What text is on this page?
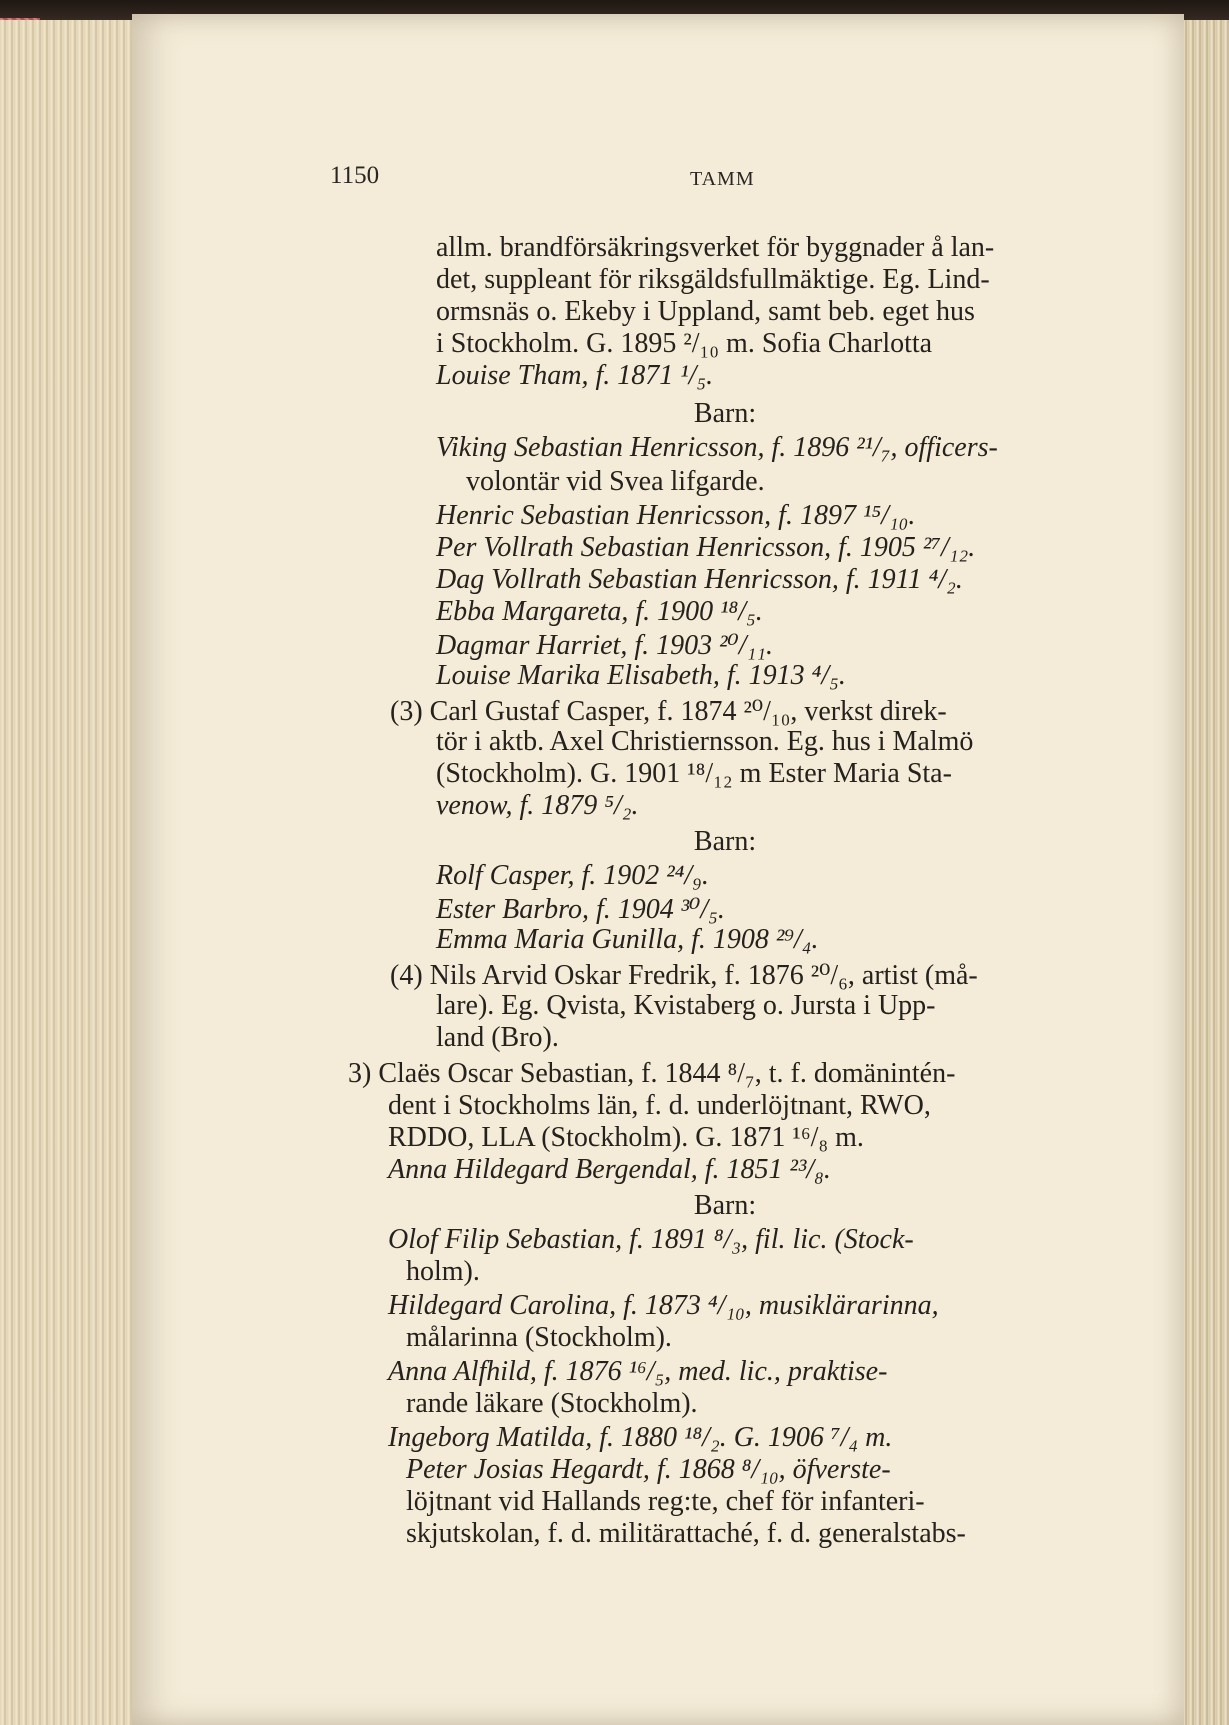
1150	TAMM
allm. brandförsäkringsverket för byggnader å lan-
det, suppleant för riksgäldsfullmäktige. Eg. Lind-
ormsnäs o. Ekeby i Uppland, samt beb. eget hus
i Stockholm. G. 1895 ²/₁₀ m. Sofia Charlotta
Louise Tham, f. 1871 ¹/₅.
Barn:
Viking Sebastian Henricsson, f. 1896 ²¹/₇, officers-
volontär vid Svea lifgarde.
Henric Sebastian Henricsson, f. 1897 ¹⁵/₁₀.
Per Vollrath Sebastian Henricsson, f. 1905 ²⁷/₁₂.
Dag Vollrath Sebastian Henricsson, f. 1911 ⁴/₂.
Ebba Margareta, f. 1900 ¹⁸/₅.
Dagmar Harriet, f. 1903 ²⁰/₁₁.
Louise Marika Elisabeth, f. 1913 ⁴/₅.
(3) Carl Gustaf Casper, f. 1874 ²⁰/₁₀, verkst direk-
tör i aktb. Axel Christiernsson. Eg. hus i Malmö
(Stockholm). G. 1901 ¹⁸/₁₂ m Ester Maria Sta-
venow, f. 1879 ⁵/₂.
Barn:
Rolf Casper, f. 1902 ²⁴/₉.
Ester Barbro, f. 1904 ³⁰/₅.
Emma Maria Gunilla, f. 1908 ²⁹/₄.
(4) Nils Arvid Oskar Fredrik, f. 1876 ²⁰/₆, artist (må-
lare). Eg. Qvista, Kvistaberg o. Jursta i Upp-
land (Bro).
3) Claës Oscar Sebastian, f. 1844 ⁸/₇, t. f. domänintén-
dent i Stockholms län, f. d. underlöjtnant, RWO,
RDDO, LLA (Stockholm). G. 1871 ¹⁶/₈ m.
Anna Hildegard Bergendal, f. 1851 ²³/₈.
Barn:
Olof Filip Sebastian, f. 1891 ⁸/₃, fil. lic. (Stock-
holm).
Hildegard Carolina, f. 1873 ⁴/₁₀, musiklärarinna,
målarinna (Stockholm).
Anna Alfhild, f. 1876 ¹⁶/₅, med. lic., praktise-
rande läkare (Stockholm).
Ingeborg Matilda, f. 1880 ¹⁸/₂. G. 1906 ⁷/₄ m.
Peter Josias Hegardt, f. 1868 ⁸/₁₀, öfverste-
löjtnant vid Hallands reg:te, chef för infanteri-
skjutskolan, f. d. militärattaché, f. d. generalstabs-
